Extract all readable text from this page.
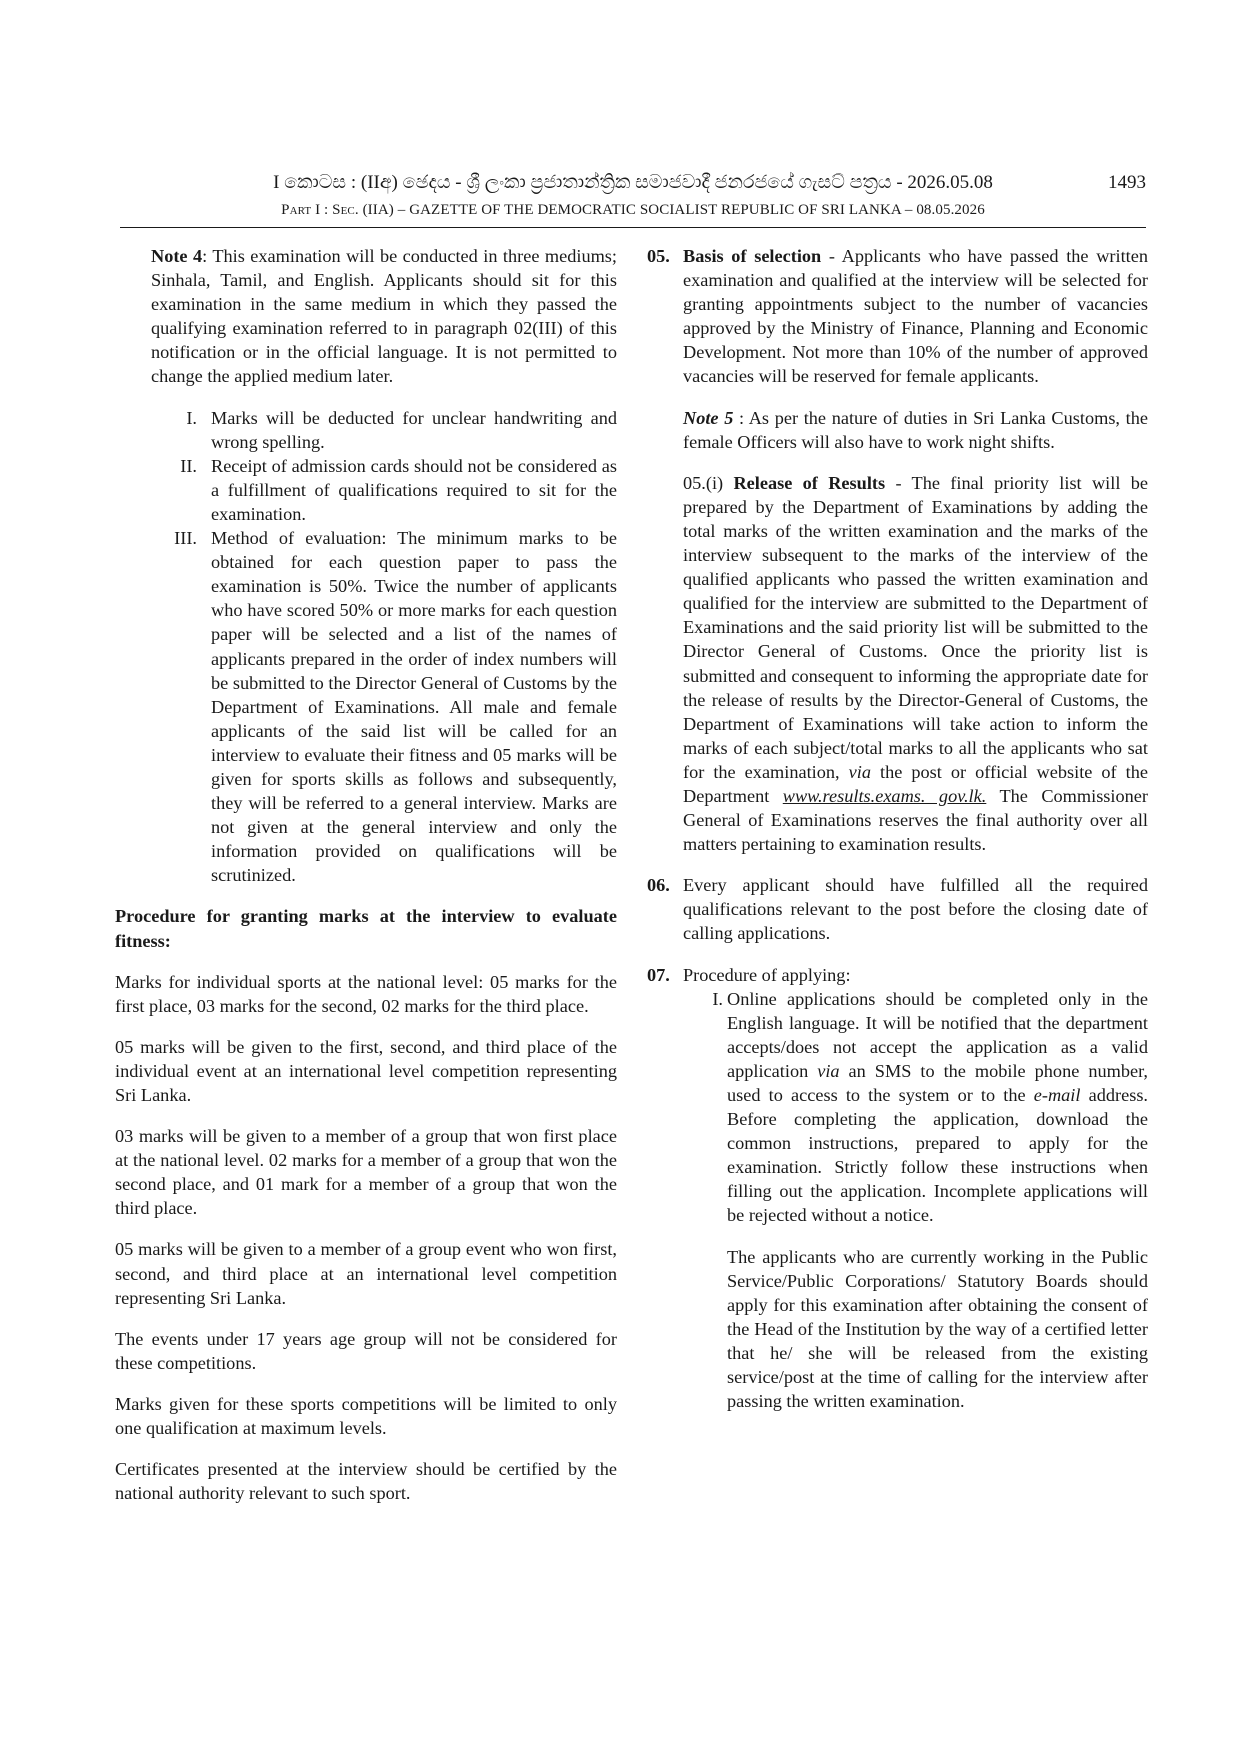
I කොටස : (IIඅ) ඡෙදය - ශ්‍රී ලංකා ප්‍රජාතාන්ත්‍රික සමාජවාදී ජනරජයේ ගැසට් පත්‍රය - 2026.05.08	1493
Part I : Sec. (IIA) – GAZETTE OF THE DEMOCRATIC SOCIALIST REPUBLIC OF SRI LANKA – 08.05.2026

Note 4: This examination will be conducted in three mediums; Sinhala, Tamil, and English. Applicants should sit for this examination in the same medium in which they passed the qualifying examination referred to in paragraph 02(III) of this notification or in the official language. It is not permitted to change the applied medium later.

I. Marks will be deducted for unclear handwriting and wrong spelling.
II. Receipt of admission cards should not be considered as a fulfillment of qualifications required to sit for the examination.
III. Method of evaluation: The minimum marks to be obtained for each question paper to pass the examination is 50%. Twice the number of applicants who have scored 50% or more marks for each question paper will be selected and a list of the names of applicants prepared in the order of index numbers will be submitted to the Director General of Customs by the Department of Examinations. All male and female applicants of the said list will be called for an interview to evaluate their fitness and 05 marks will be given for sports skills as follows and subsequently, they will be referred to a general interview. Marks are not given at the general interview and only the information provided on qualifications will be scrutinized.

Procedure for granting marks at the interview to evaluate fitness:

Marks for individual sports at the national level: 05 marks for the first place, 03 marks for the second, 02 marks for the third place.

05 marks will be given to the first, second, and third place of the individual event at an international level competition representing Sri Lanka.

03 marks will be given to a member of a group that won first place at the national level. 02 marks for a member of a group that won the second place, and 01 mark for a member of a group that won the third place.

05 marks will be given to a member of a group event who won first, second, and third place at an international level competition representing Sri Lanka.

The events under 17 years age group will not be considered for these competitions.

Marks given for these sports competitions will be limited to only one qualification at maximum levels.

Certificates presented at the interview should be certified by the national authority relevant to such sport.

05. Basis of selection - Applicants who have passed the written examination and qualified at the interview will be selected for granting appointments subject to the number of vacancies approved by the Ministry of Finance, Planning and Economic Development. Not more than 10% of the number of approved vacancies will be reserved for female applicants.

Note 5 : As per the nature of duties in Sri Lanka Customs, the female Officers will also have to work night shifts.

05.(i) Release of Results - The final priority list will be prepared by the Department of Examinations by adding the total marks of the written examination and the marks of the interview subsequent to the marks of the interview of the qualified applicants who passed the written examination and qualified for the interview are submitted to the Department of Examinations and the said priority list will be submitted to the Director General of Customs. Once the priority list is submitted and consequent to informing the appropriate date for the release of results by the Director-General of Customs, the Department of Examinations will take action to inform the marks of each subject/total marks to all the applicants who sat for the examination, via the post or official website of the Department www.results.exams. gov.lk. The Commissioner General of Examinations reserves the final authority over all matters pertaining to examination results.

06. Every applicant should have fulfilled all the required qualifications relevant to the post before the closing date of calling applications.
07. Procedure of applying:
I. Online applications should be completed only in the English language. It will be notified that the department accepts/does not accept the application as a valid application via an SMS to the mobile phone number, used to access to the system or to the e-mail address. Before completing the application, download the common instructions, prepared to apply for the examination. Strictly follow these instructions when filling out the application. Incomplete applications will be rejected without a notice.

The applicants who are currently working in the Public Service/Public Corporations/ Statutory Boards should apply for this examination after obtaining the consent of the Head of the Institution by the way of a certified letter that he/ she will be released from the existing service/post at the time of calling for the interview after passing the written examination.
